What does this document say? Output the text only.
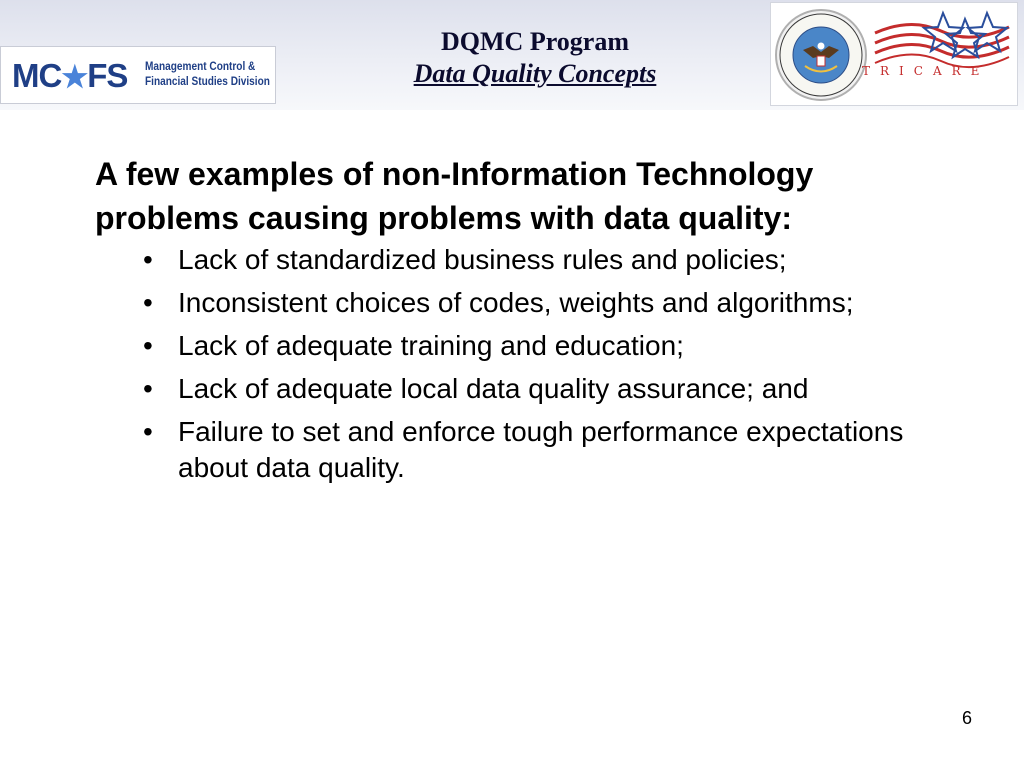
MC★FS Management Control &
Financial Studies Division
DQMC Program
Data Quality Concepts	TRICARE
A few examples of non-Information Technology problems causing problems with data quality:
• Lack of standardized business rules and policies;
• Inconsistent choices of codes, weights and algorithms;
• Lack of adequate training and education;
• Lack of adequate local data quality assurance; and
• Failure to set and enforce tough performance expectations about data quality.
6
